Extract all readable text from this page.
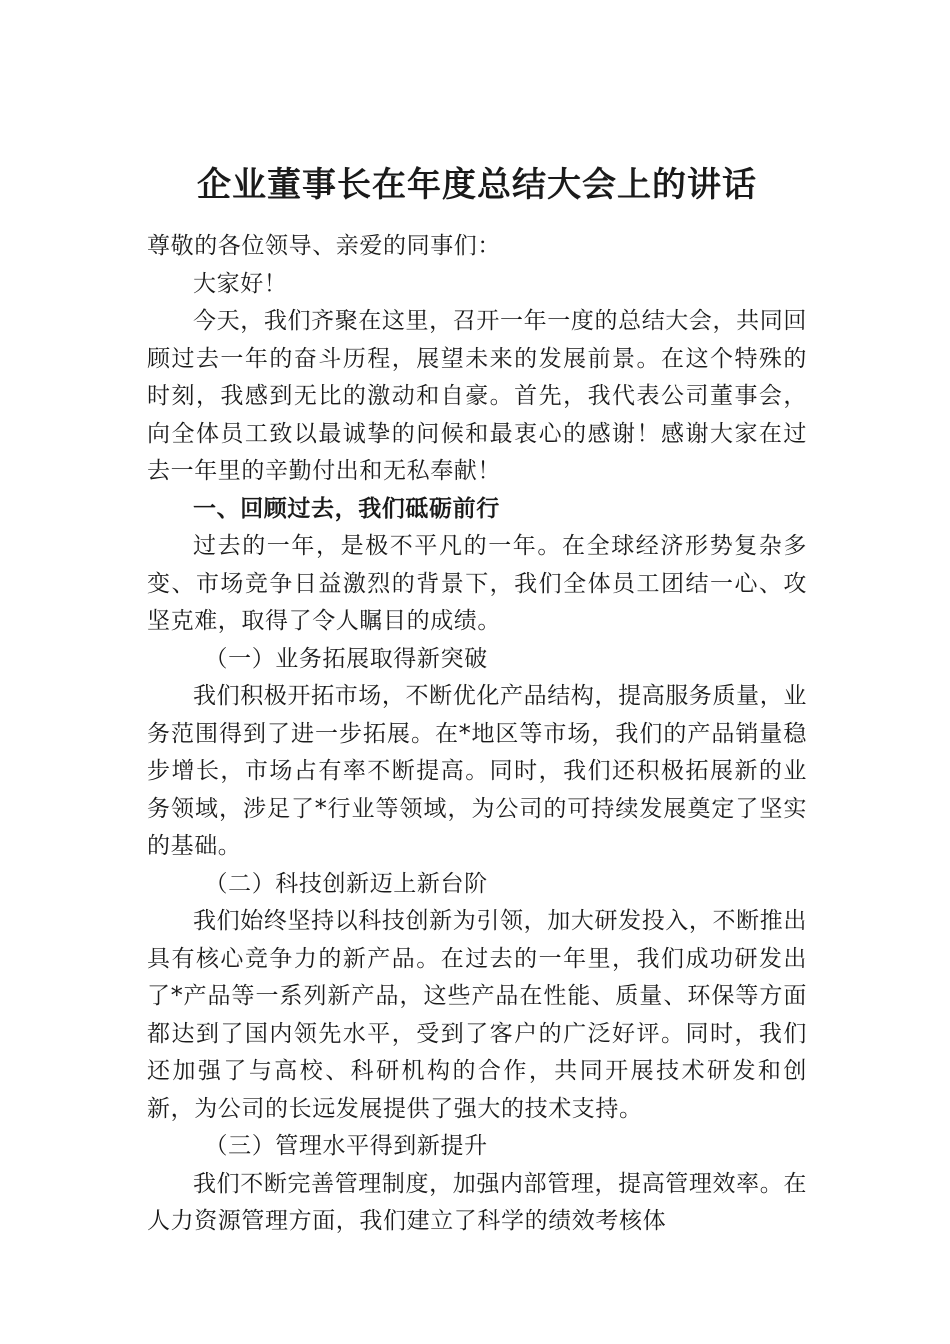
企业董事长在年度总结大会上的讲话

尊敬的各位领导、亲爱的同事们：

大家好！

今天，我们齐聚在这里，召开一年一度的总结大会，共同回顾过去一年的奋斗历程，展望未来的发展前景。在这个特殊的时刻，我感到无比的激动和自豪。首先，我代表公司董事会，向全体员工致以最诚挚的问候和最衷心的感谢！感谢大家在过去一年里的辛勤付出和无私奉献！

一、回顾过去，我们砥砺前行

过去的一年，是极不平凡的一年。在全球经济形势复杂多变、市场竞争日益激烈的背景下，我们全体员工团结一心、攻坚克难，取得了令人瞩目的成绩。

（一）业务拓展取得新突破

我们积极开拓市场，不断优化产品结构，提高服务质量，业务范围得到了进一步拓展。在*地区等市场，我们的产品销量稳步增长，市场占有率不断提高。同时，我们还积极拓展新的业务领域，涉足了*行业等领域，为公司的可持续发展奠定了坚实的基础。

（二）科技创新迈上新台阶

我们始终坚持以科技创新为引领，加大研发投入，不断推出具有核心竞争力的新产品。在过去的一年里，我们成功研发出了*产品等一系列新产品，这些产品在性能、质量、环保等方面都达到了国内领先水平，受到了客户的广泛好评。同时，我们还加强了与高校、科研机构的合作，共同开展技术研发和创新，为公司的长远发展提供了强大的技术支持。

（三）管理水平得到新提升

我们不断完善管理制度，加强内部管理，提高管理效率。在人力资源管理方面，我们建立了科学的绩效考核体
